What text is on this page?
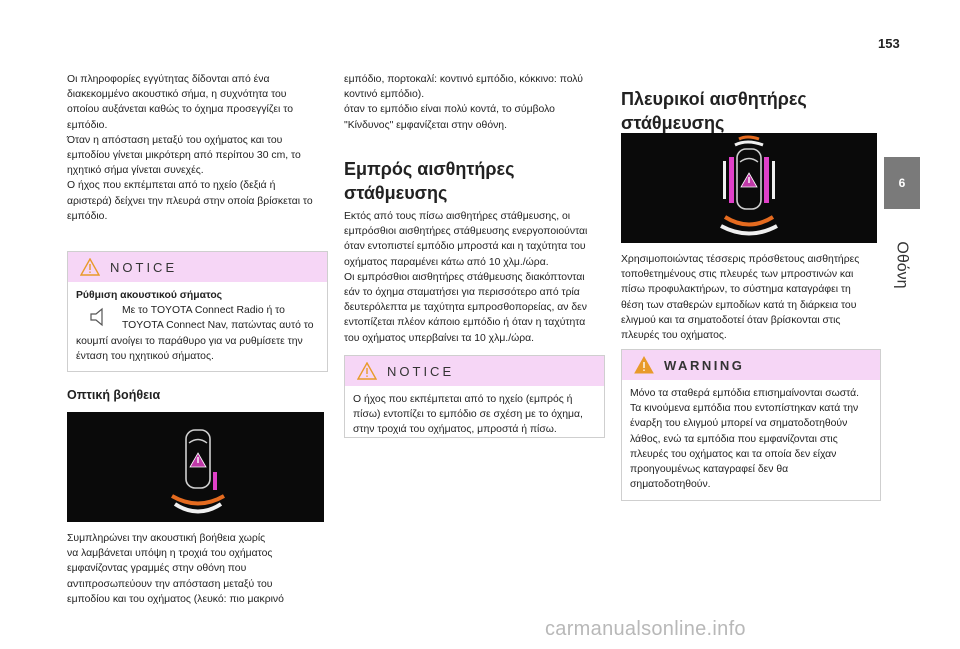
153
6
Οθόνη

Οι πληροφορίες εγγύτητας δίδονται από ένα
διακεκομμένο ακουστικό σήμα, η συχνότητα του
οποίου αυξάνεται καθώς το όχημα προσεγγίζει το
εμπόδιο.
Όταν η απόσταση μεταξύ του οχήματος και του
εμποδίου γίνεται μικρότερη από περίπου 30 cm, το
ηχητικό σήμα γίνεται συνεχές.
Ο ήχος που εκπέμπεται από το ηχείο (δεξιά ή
αριστερά) δείχνει την πλευρά στην οποία βρίσκεται το
εμπόδιο.

NOTICE

Ρύθμιση ακουστικού σήματος

Με το TOYOTA Connect Radio ή το

TOYOTA Connect Nav, πατώντας αυτό το

κουμπί ανοίγει το παράθυρο για να ρυθμίσετε την
ένταση του ηχητικού σήματος.

Οπτική βοήθεια

Συμπληρώνει την ακουστική βοήθεια χωρίς
να λαμβάνεται υπόψη η τροχιά του οχήματος
εμφανίζοντας γραμμές στην οθόνη που
αντιπροσωπεύουν την απόσταση μεταξύ του
εμποδίου και του οχήματος (λευκό: πιο μακρινό

εμπόδιο, πορτοκαλί: κοντινό εμπόδιο, κόκκινο: πολύ
κοντινό εμπόδιο).
όταν το εμπόδιο είναι πολύ κοντά, το σύμβολο
"Κίνδυνος" εμφανίζεται στην οθόνη.

Εμπρός αισθητήρες
στάθμευσης

Εκτός από τους πίσω αισθητήρες στάθμευσης, οι
εμπρόσθιοι αισθητήρες στάθμευσης ενεργοποιούνται
όταν εντοπιστεί εμπόδιο μπροστά και η ταχύτητα του
οχήματος παραμένει κάτω από 10 χλμ./ώρα.
Οι εμπρόσθιοι αισθητήρες στάθμευσης διακόπτονται
εάν το όχημα σταματήσει για περισσότερο από τρία
δευτερόλεπτα με ταχύτητα εμπροσθοπορείας, αν δεν
εντοπίζεται πλέον κάποιο εμπόδιο ή όταν η ταχύτητα
του οχήματος υπερβαίνει τα 10 χλμ./ώρα.

NOTICE

Ο ήχος που εκπέμπεται από το ηχείο (εμπρός ή
πίσω) εντοπίζει το εμπόδιο σε σχέση με το όχημα,
στην τροχιά του οχήματος, μπροστά ή πίσω.

Πλευρικοί αισθητήρες
στάθμευσης

Χρησιμοποιώντας τέσσερις πρόσθετους αισθητήρες
τοποθετημένους στις πλευρές των μπροστινών και
πίσω προφυλακτήρων, το σύστημα καταγράφει τη
θέση των σταθερών εμποδίων κατά τη διάρκεια του
ελιγμού και τα σηματοδοτεί όταν βρίσκονται στις
πλευρές του οχήματος.

WARNING

Μόνο τα σταθερά εμπόδια επισημαίνονται σωστά.
Τα κινούμενα εμπόδια που εντοπίστηκαν κατά την
έναρξη του ελιγμού μπορεί να σηματοδοτηθούν
λάθος, ενώ τα εμπόδια που εμφανίζονται στις
πλευρές του οχήματος και τα οποία δεν είχαν
προηγουμένως καταγραφεί δεν θα
σηματοδοτηθούν.

carmanualsonline.info
